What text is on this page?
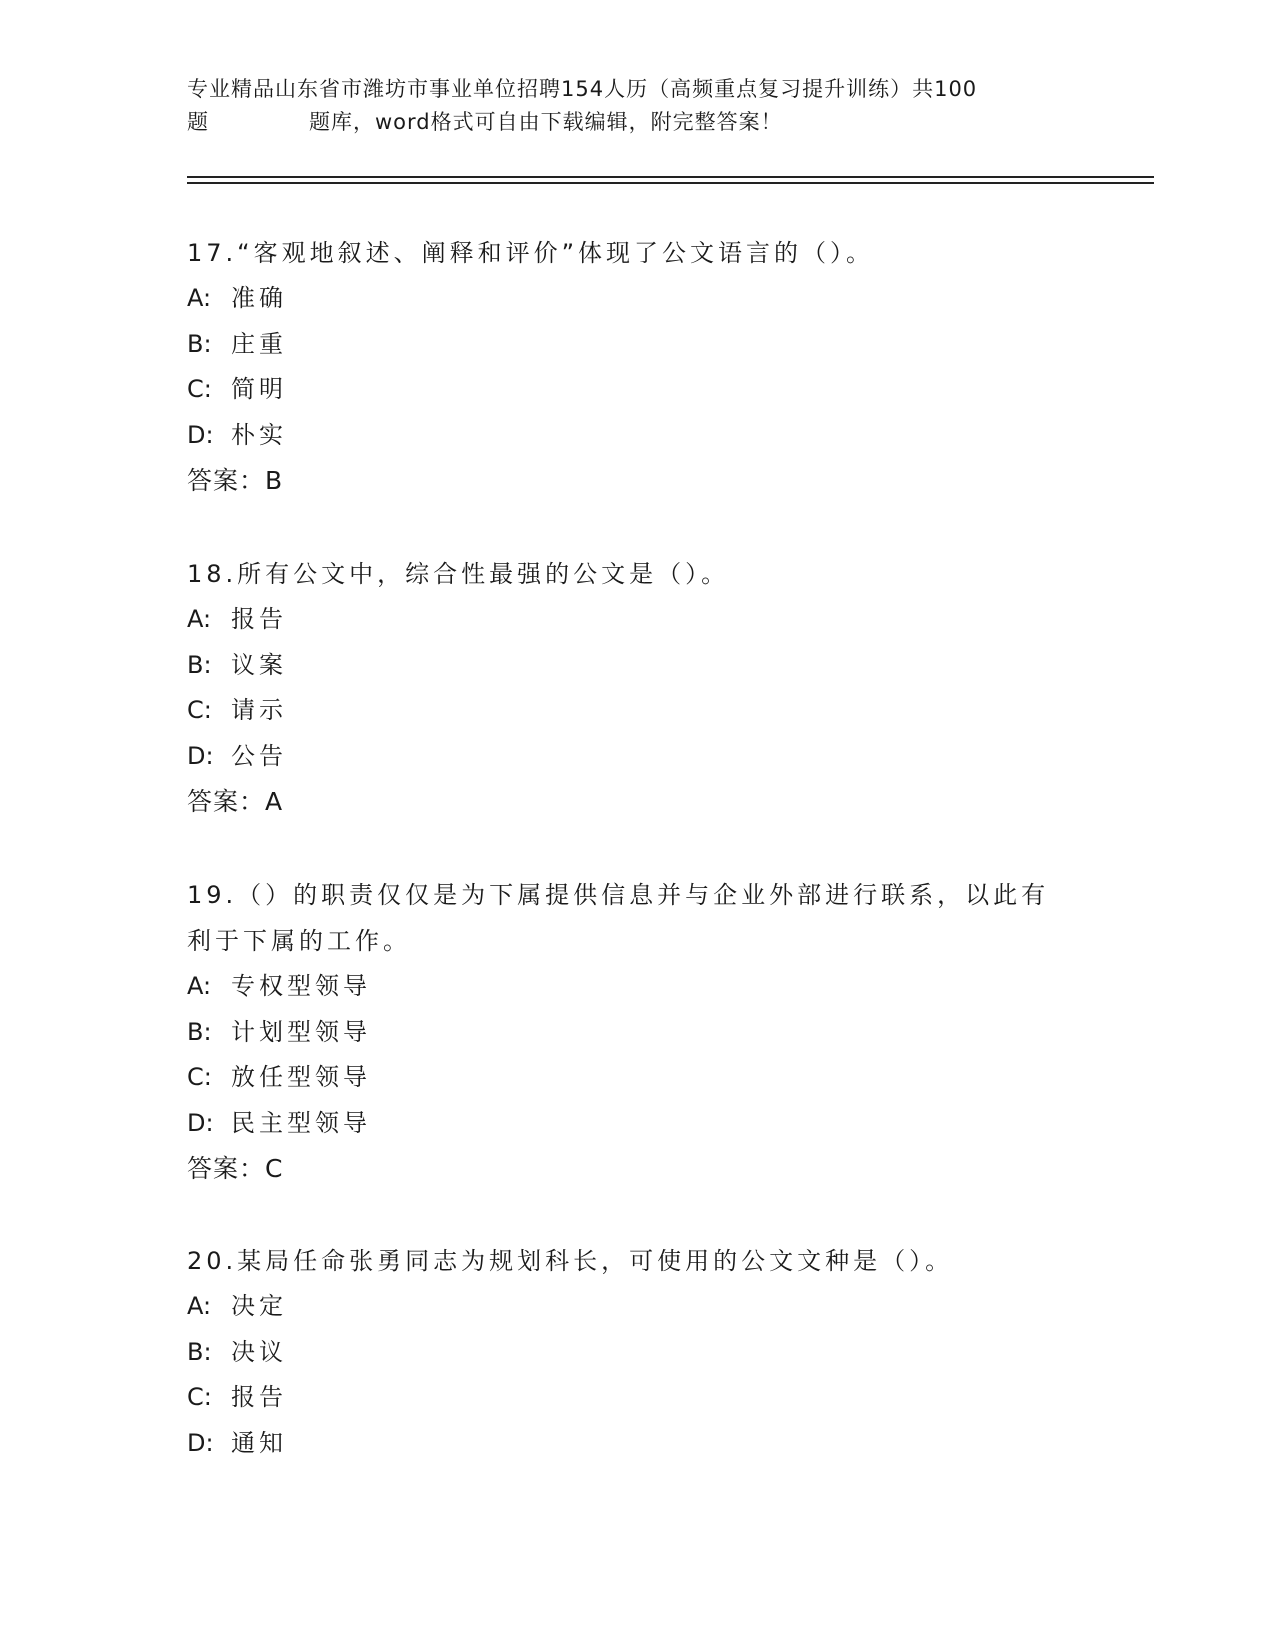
专业精品山东省市潍坊市事业单位招聘154人历（高频重点复习提升训练）共100
题	题库，word格式可自由下载编辑，附完整答案！
17.“客观地叙述、阐释和评价”体现了公文语言的（）。
A: 准确
B: 庄重
C: 简明
D: 朴实
答案：B
18.所有公文中，综合性最强的公文是（）。
A: 报告
B: 议案
C: 请示
D: 公告
答案：A
19.（）的职责仅仅是为下属提供信息并与企业外部进行联系，以此有
利于下属的工作。
A: 专权型领导
B: 计划型领导
C: 放任型领导
D: 民主型领导
答案：C
20.某局任命张勇同志为规划科长，可使用的公文文种是（）。
A: 决定
B: 决议
C: 报告
D: 通知
